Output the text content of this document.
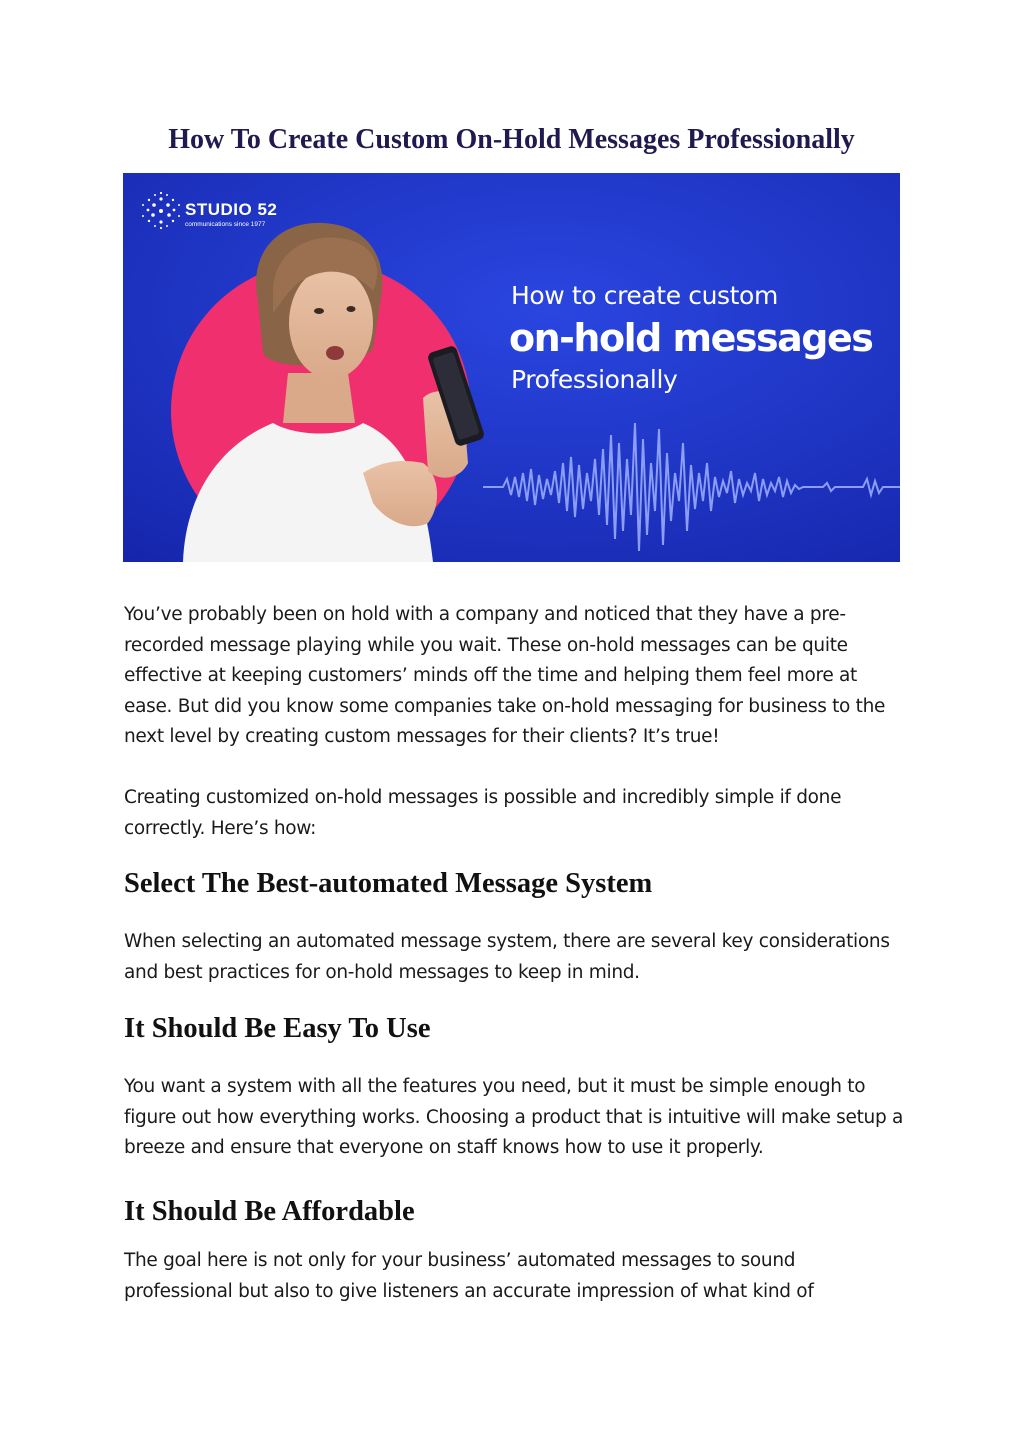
How To Create Custom On-Hold Messages Professionally
STUDIO 52
communications since 1977
How to create custom
on-hold messages
Professionally

You’ve probably been on hold with a company and noticed that they have a pre-recorded message playing while you wait. These on-hold messages can be quite effective at keeping customers’ minds off the time and helping them feel more at ease. But did you know some companies take on-hold messaging for business to the next level by creating custom messages for their clients? It’s true!

Creating customized on-hold messages is possible and incredibly simple if done correctly. Here’s how:

Select The Best-automated Message System

When selecting an automated message system, there are several key considerations and best practices for on-hold messages to keep in mind.

It Should Be Easy To Use

You want a system with all the features you need, but it must be simple enough to figure out how everything works. Choosing a product that is intuitive will make setup a breeze and ensure that everyone on staff knows how to use it properly.

It Should Be Affordable

The goal here is not only for your business’ automated messages to sound professional but also to give listeners an accurate impression of what kind of
